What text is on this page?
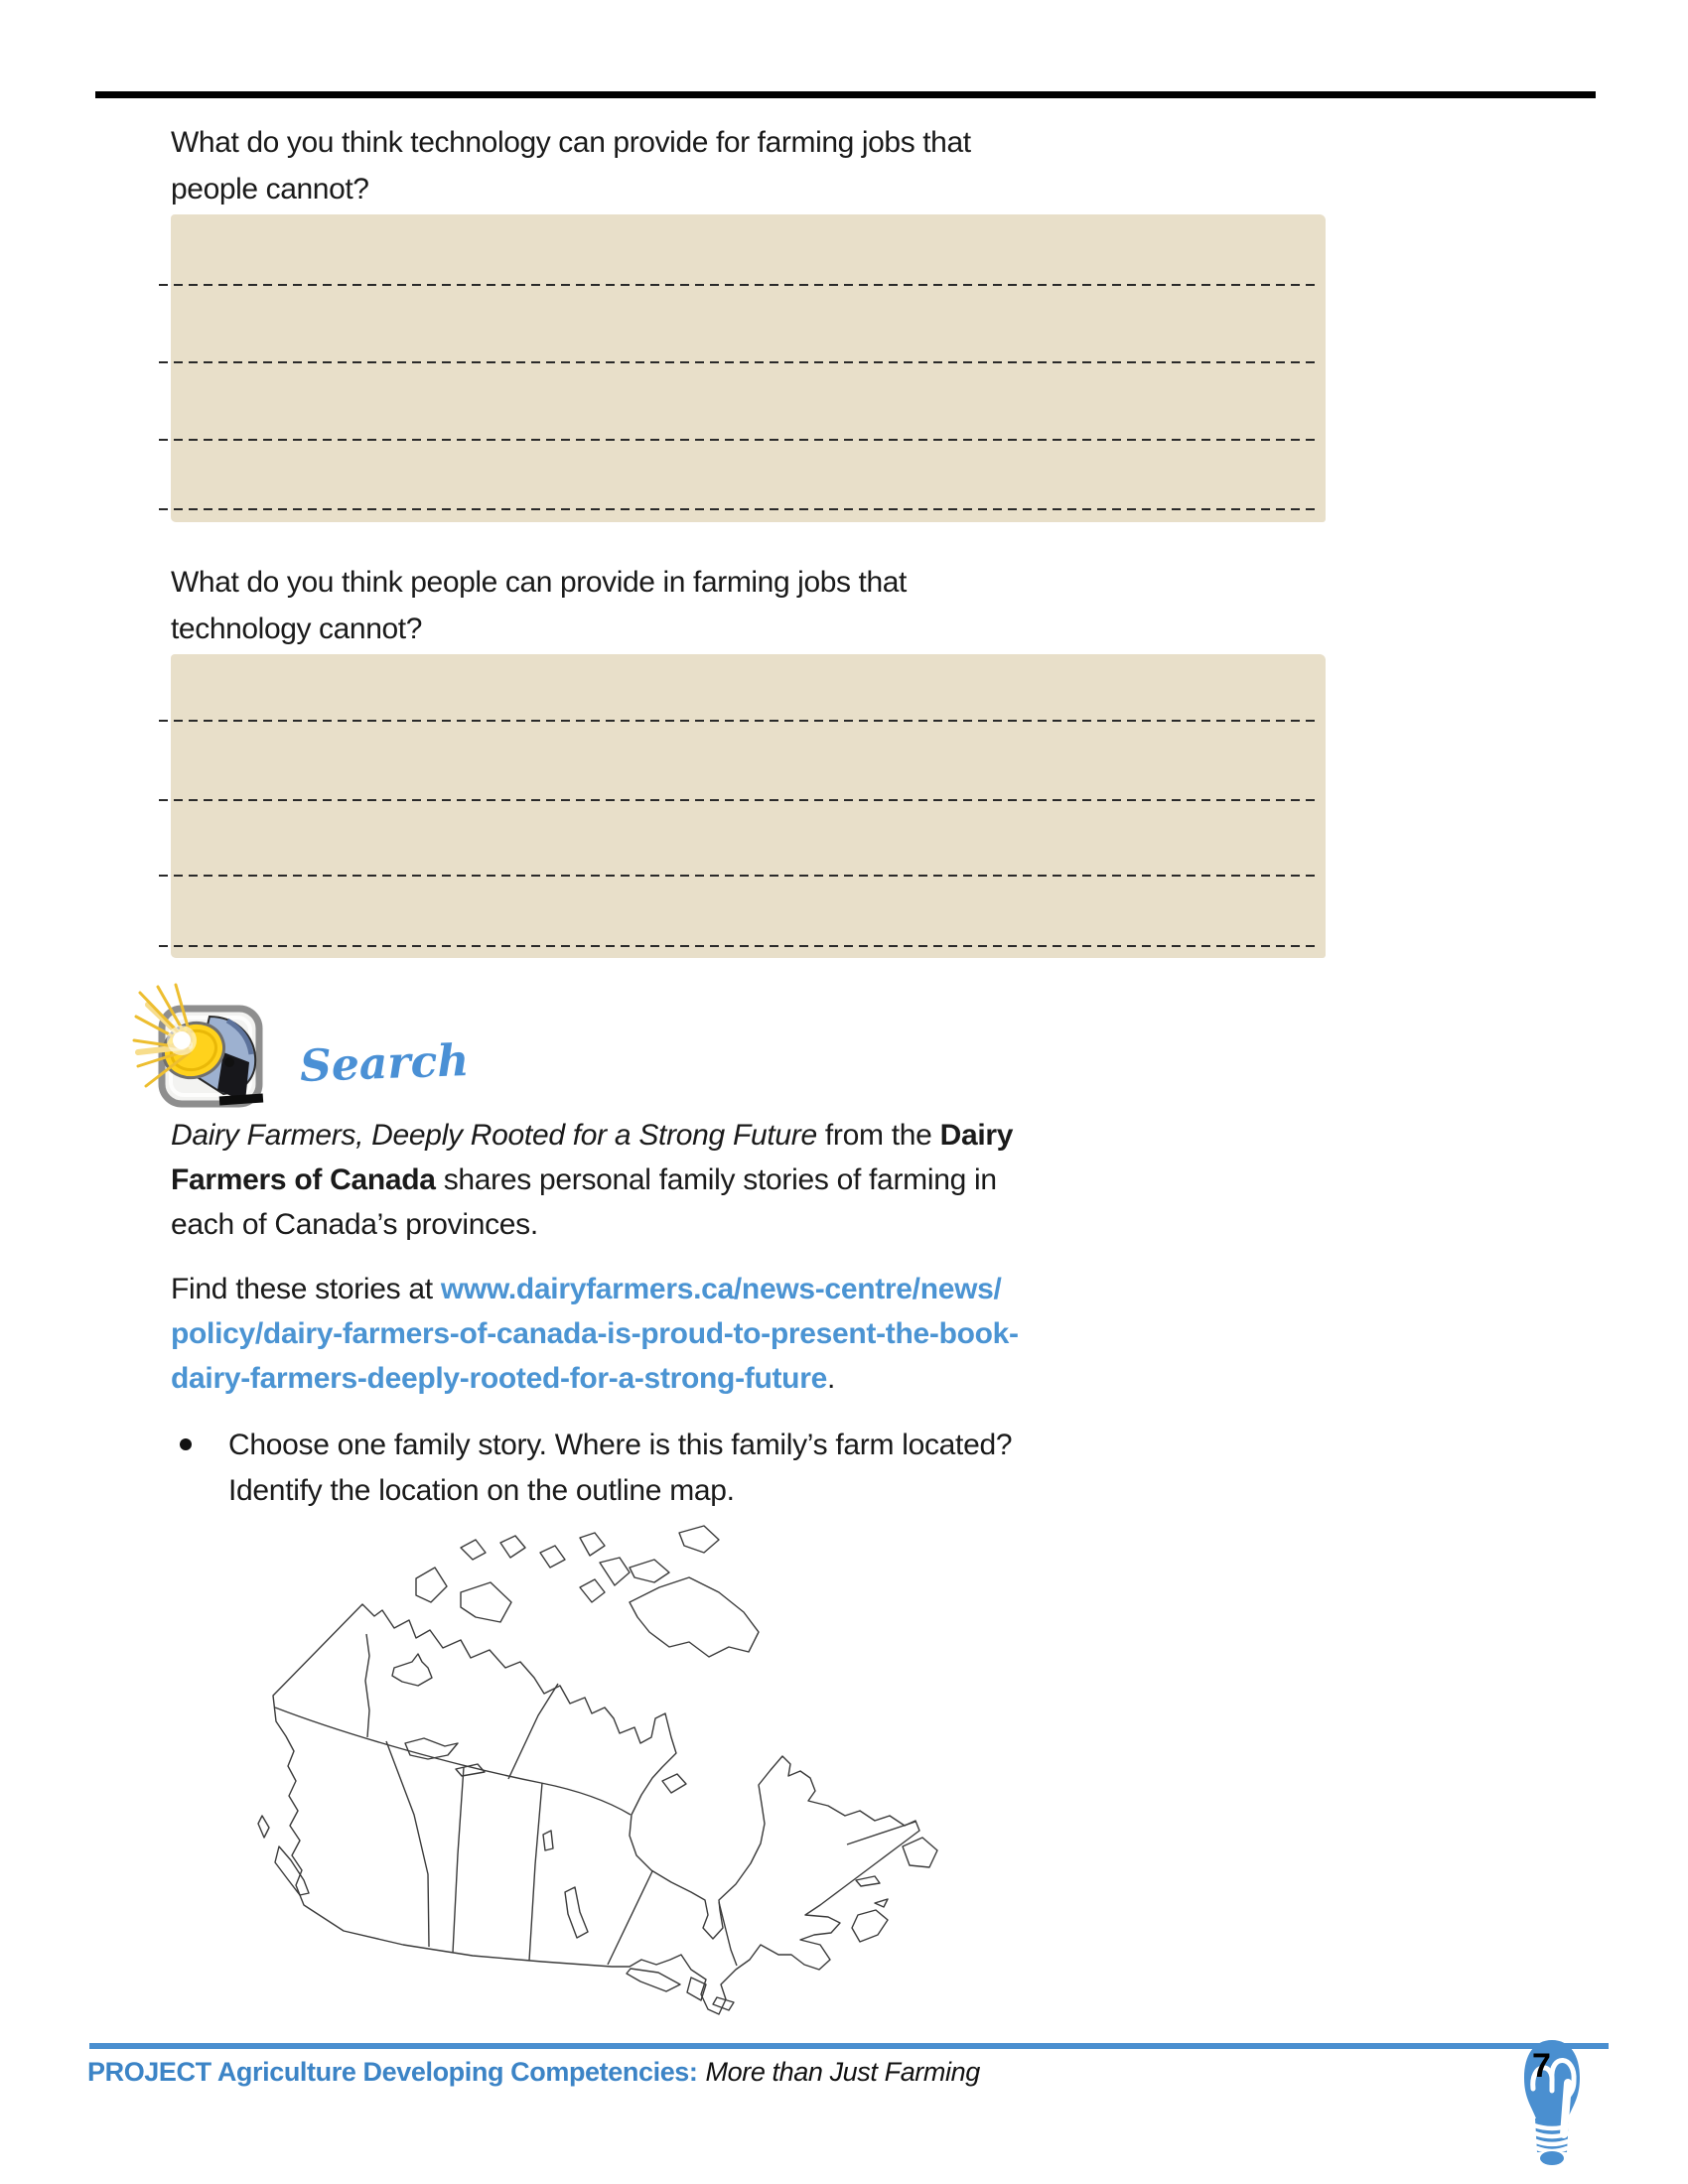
What do you think technology can provide for farming jobs that
people cannot?

What do you think people can provide in farming jobs that
technology cannot?

Search

Dairy Farmers, Deeply Rooted for a Strong Future from the Dairy
Farmers of Canada shares personal family stories of farming in
each of Canada’s provinces.

Find these stories at www.dairyfarmers.ca/news-centre/news/
policy/dairy-farmers-of-canada-is-proud-to-present-the-book-
dairy-farmers-deeply-rooted-for-a-strong-future.

Choose one family story. Where is this family’s farm located?
Identify the location on the outline map.

PROJECT Agriculture Developing Competencies: More than Just Farming	7
